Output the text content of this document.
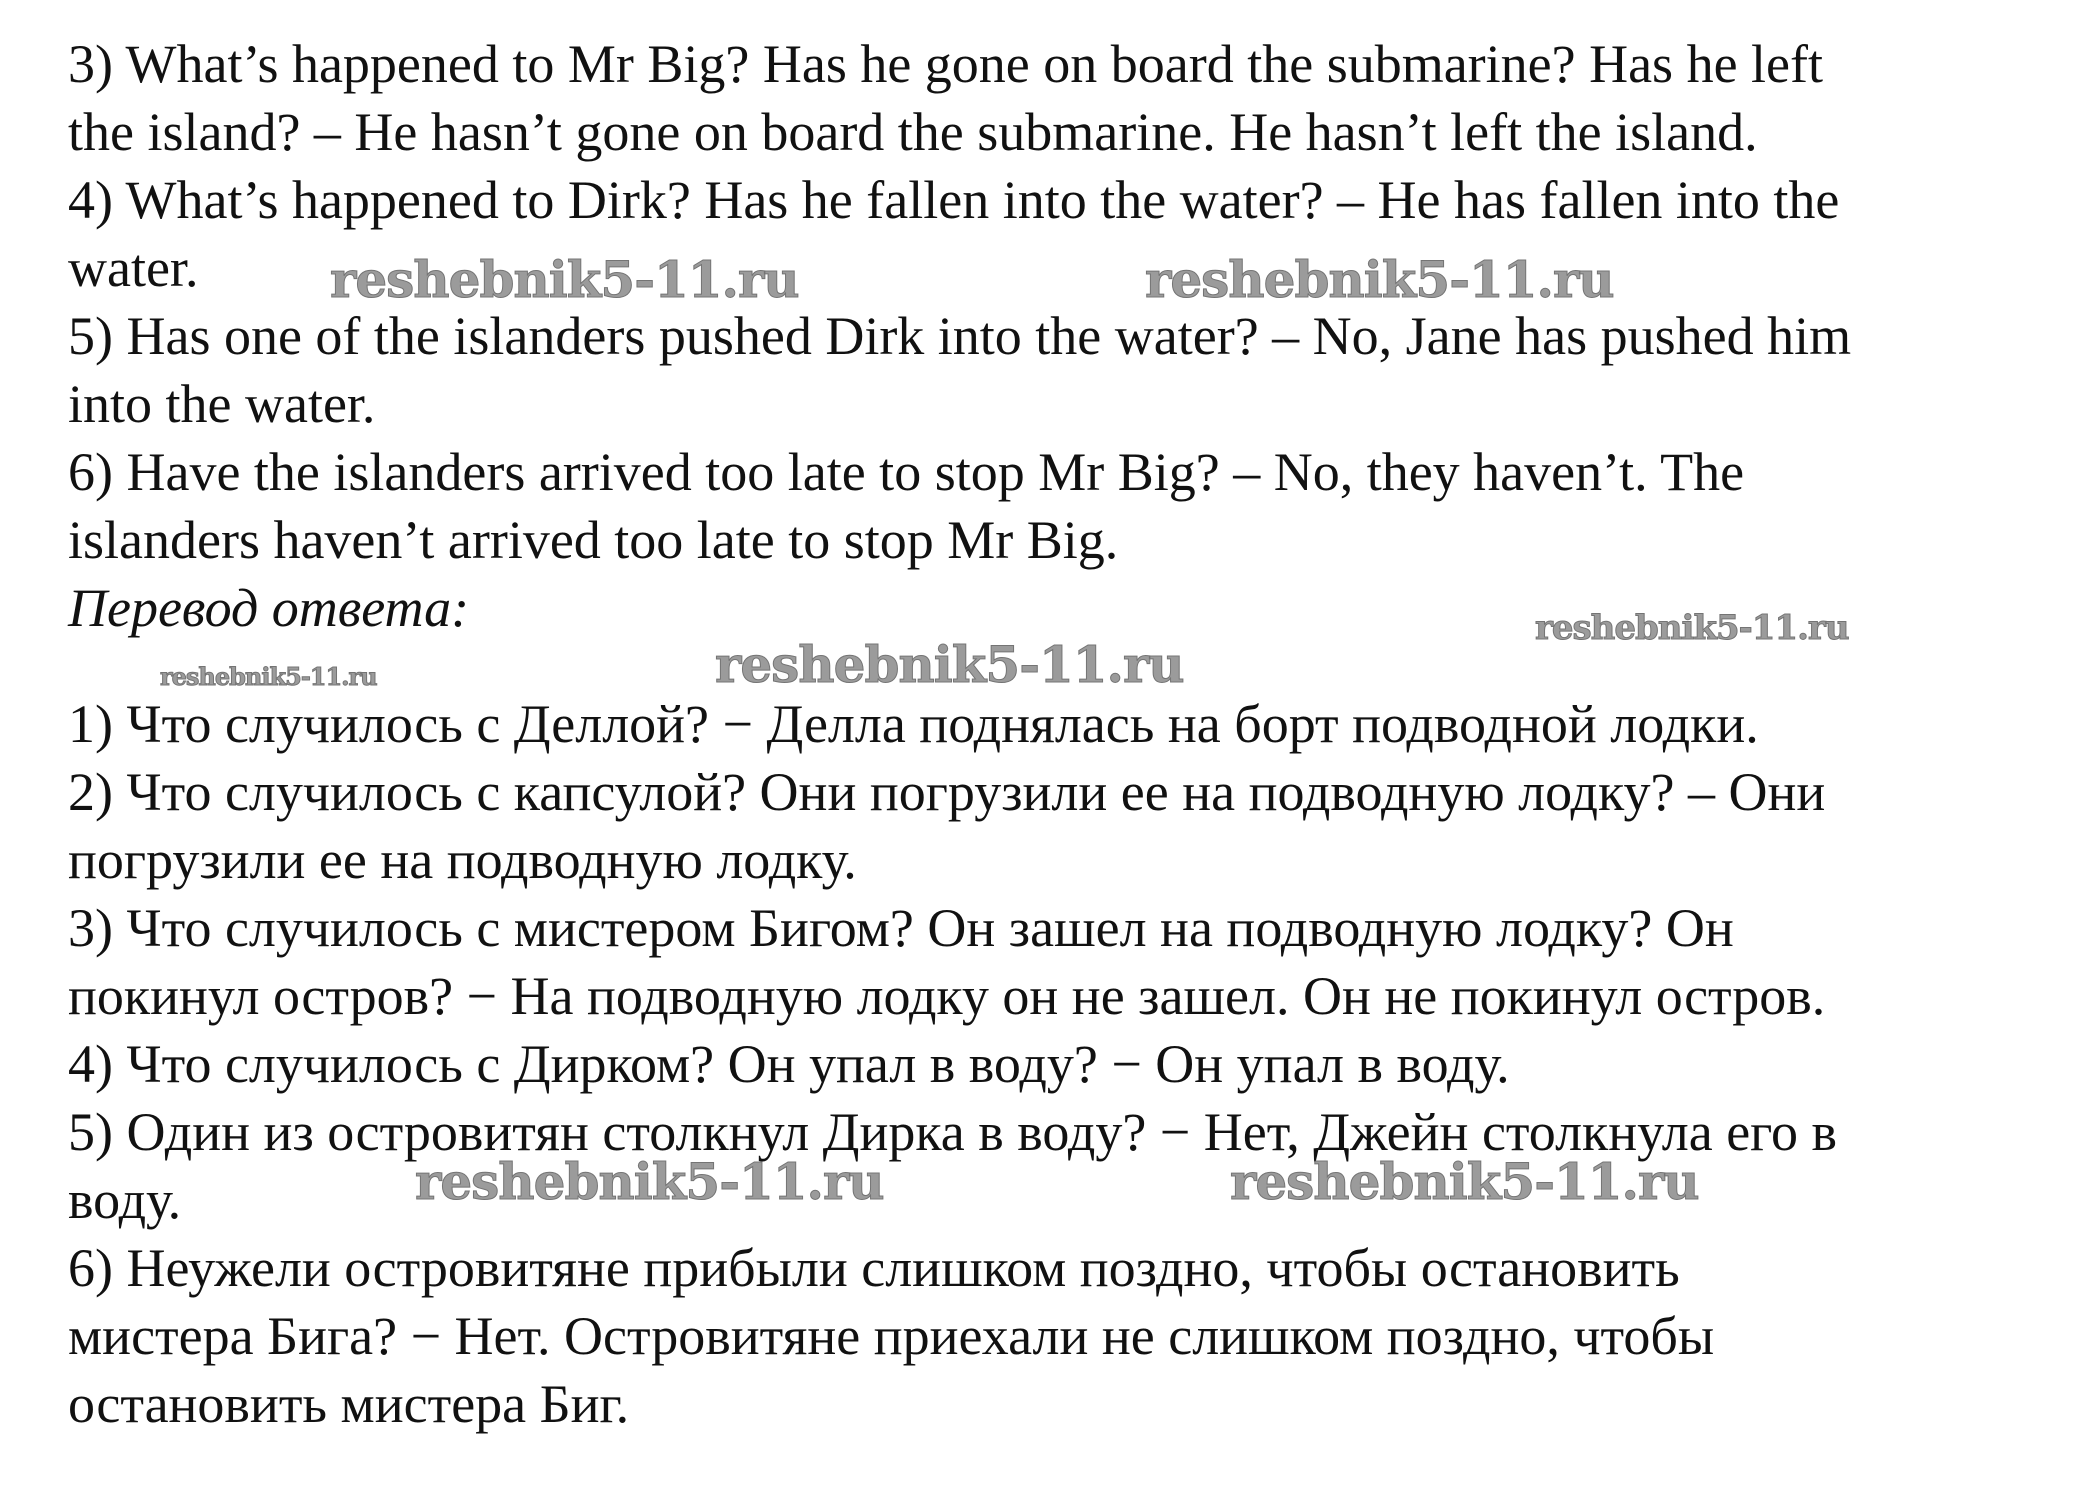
3) What’s happened to Mr Big? Has he gone on board the submarine? Has he left
the island? – He hasn’t gone on board the submarine. He hasn’t left the island.
4) What’s happened to Dirk? Has he fallen into the water? – He has fallen into the
water.
5) Has one of the islanders pushed Dirk into the water? – No, Jane has pushed him
into the water.
6) Have the islanders arrived too late to stop Mr Big? – No, they haven’t. The
islanders haven’t arrived too late to stop Mr Big.
Перевод ответа:
1) Что случилось с Деллой? − Делла поднялась на борт подводной лодки.
2) Что случилось с капсулой? Они погрузили ее на подводную лодку? – Они
погрузили ее на подводную лодку.
3) Что случилось с мистером Бигом? Он зашел на подводную лодку? Он
покинул остров? − На подводную лодку он не зашел. Он не покинул остров.
4) Что случилось с Дирком? Он упал в воду? − Он упал в воду.
5) Один из островитян столкнул Дирка в воду? − Нет, Джейн столкнула его в
воду.
6) Неужели островитяне прибыли слишком поздно, чтобы остановить
мистера Бига? − Нет. Островитяне приехали не слишком поздно, чтобы
остановить мистера Биг.
reshebnik5-11.ru	reshebnik5-11.ru
reshebnik5-11.ru
reshebnik5-11.ru
reshebnik5-11.ru
reshebnik5-11.ru	reshebnik5-11.ru
